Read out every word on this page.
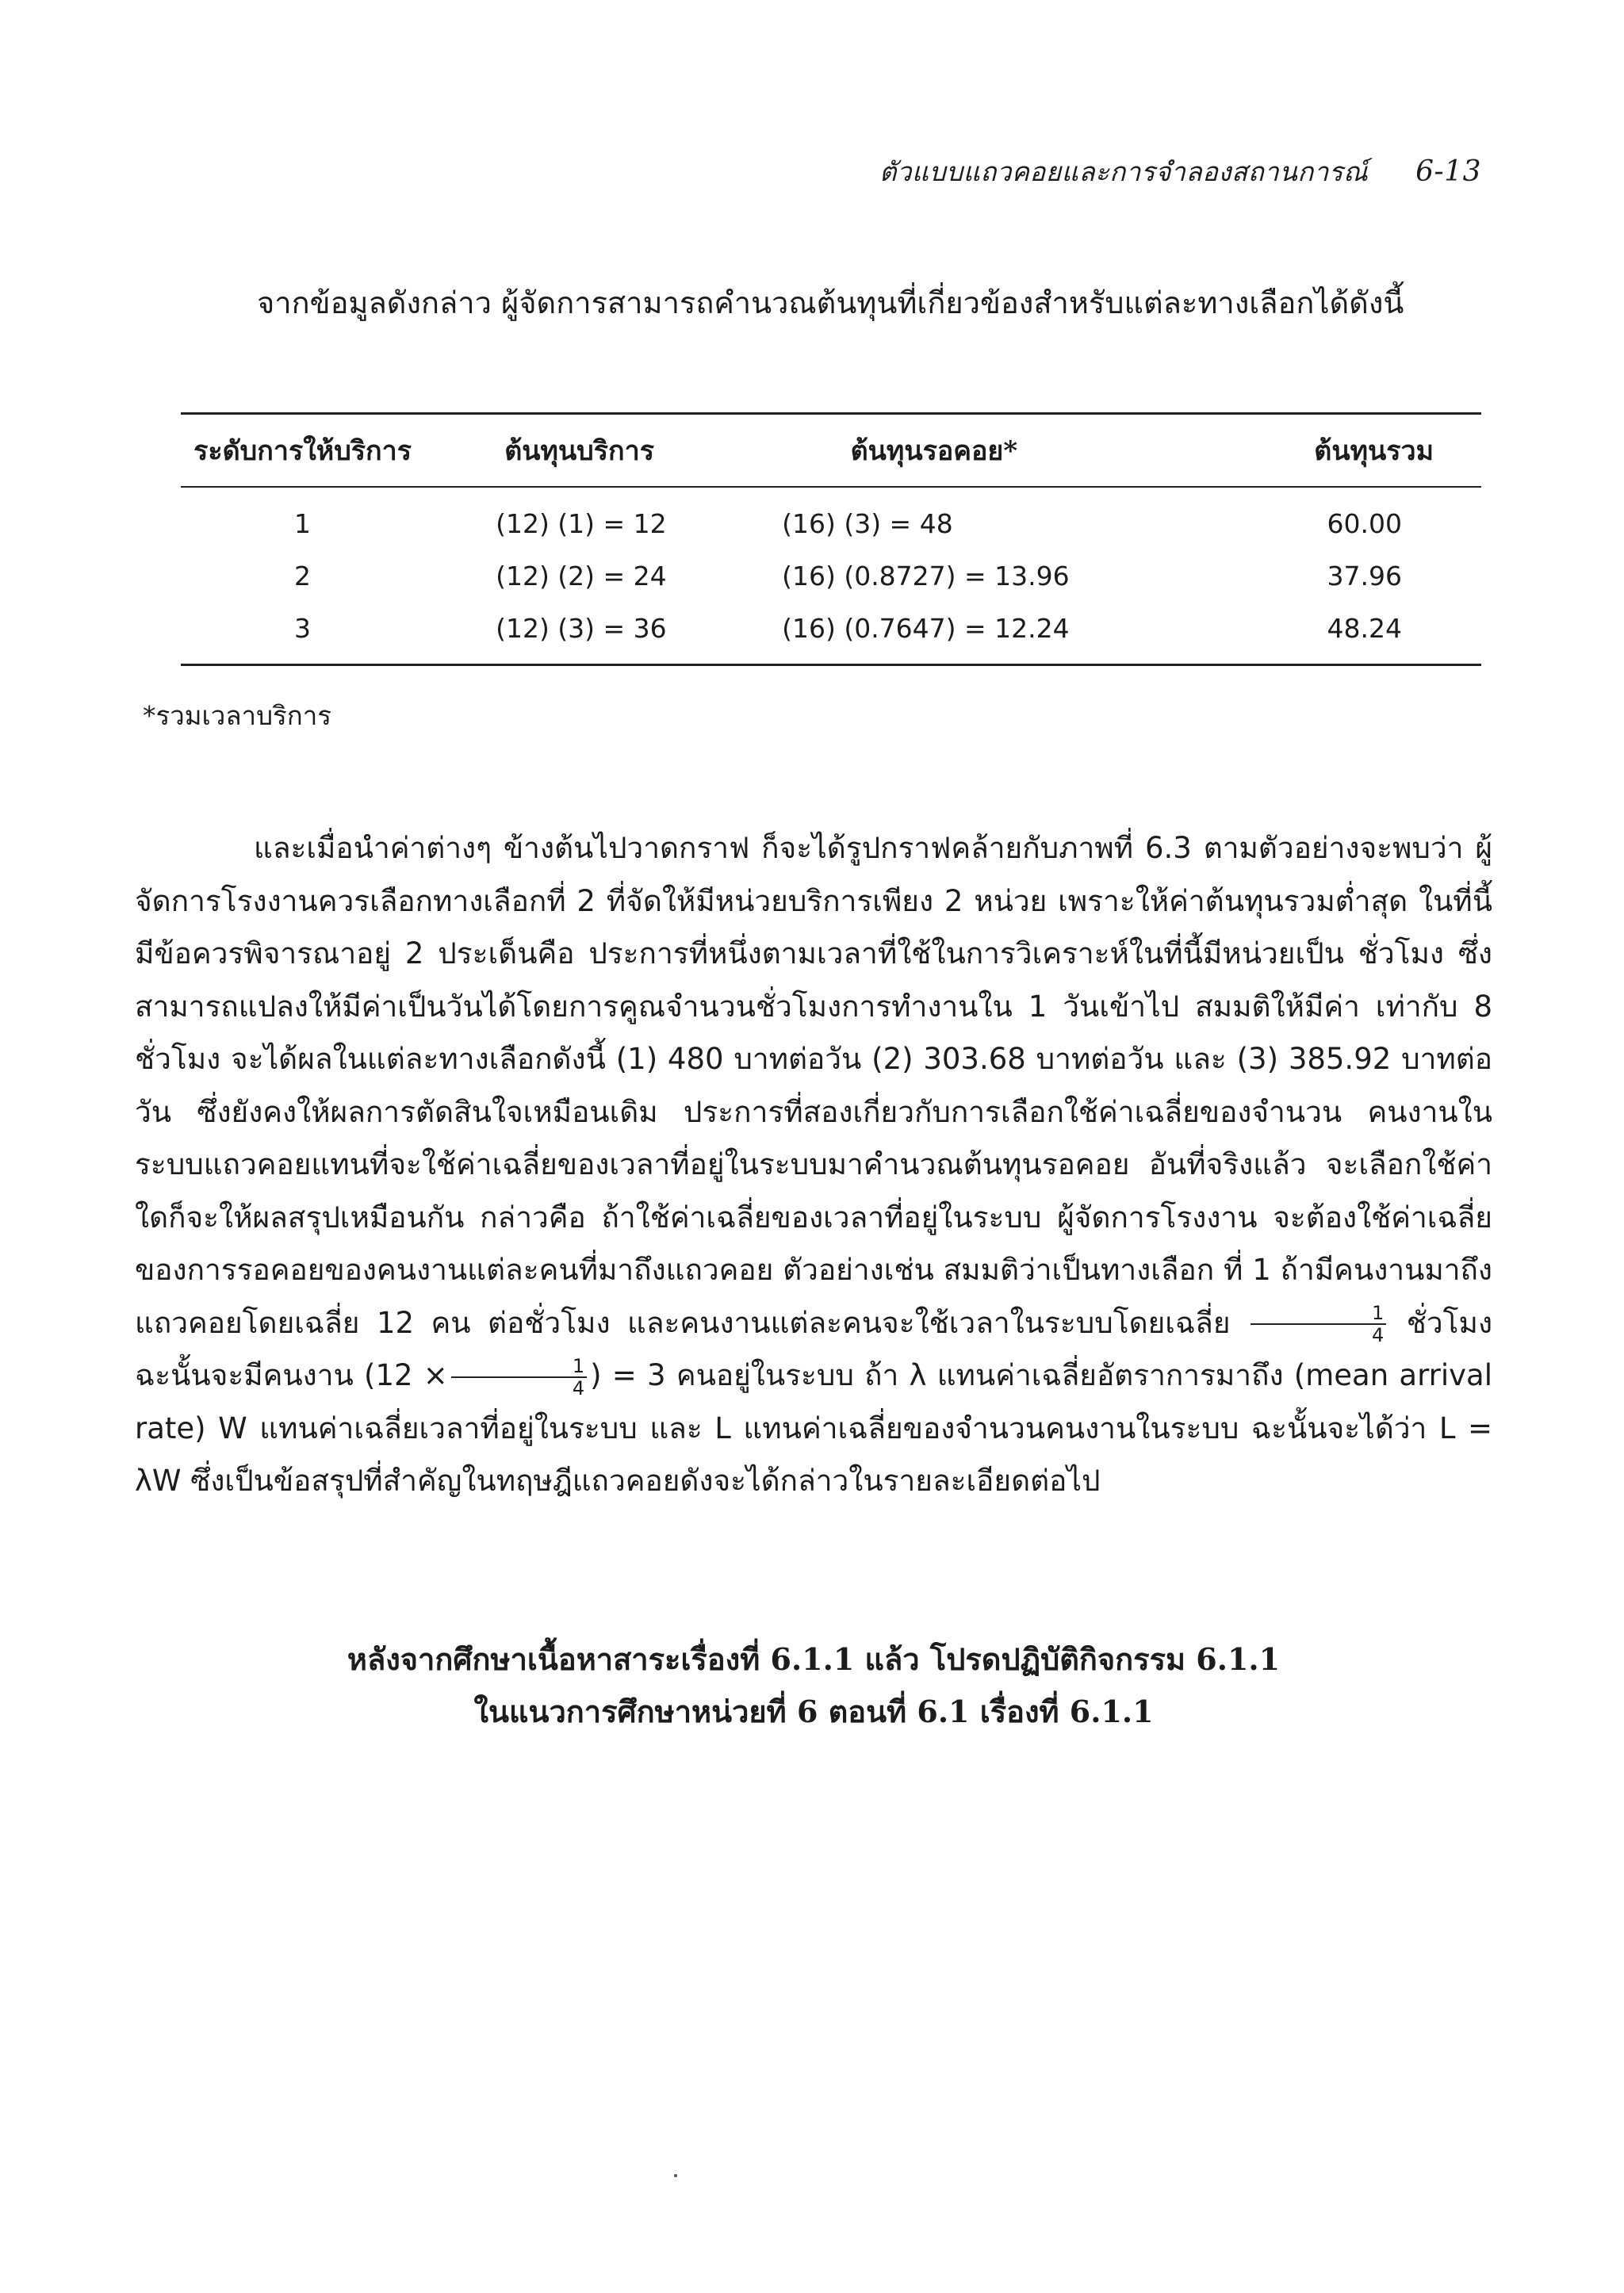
ตัวแบบแถวคอยและการจำลองสถานการณ์ 6-13
จากข้อมูลดังกล่าว ผู้จัดการสามารถคำนวณต้นทุนที่เกี่ยวข้องสำหรับแต่ละทางเลือกได้ดังนี้
ระดับการให้บริการ	ต้นทุนบริการ	ต้นทุนรอคอย*	ต้นทุนรวม
1	(12) (1) = 12	(16) (3) = 48	60.00
2	(12) (2) = 24	(16) (0.8727) = 13.96	37.96
3	(12) (3) = 36	(16) (0.7647) = 12.24	48.24
*รวมเวลาบริการ

และเมื่อนำค่าต่างๆ ข้างต้นไปวาดกราฟ ก็จะได้รูปกราฟคล้ายกับภาพที่ 6.3 ตามตัวอย่างจะพบว่า ผู้จัดการโรงงานควรเลือกทางเลือกที่ 2 ที่จัดให้มีหน่วยบริการเพียง 2 หน่วย เพราะให้ค่าต้นทุนรวมต่ำสุด ในที่นี้มีข้อควรพิจารณาอยู่ 2 ประเด็นคือ ประการที่หนึ่งตามเวลาที่ใช้ในการวิเคราะห์ในที่นี้มีหน่วยเป็น ชั่วโมง ซึ่งสามารถแปลงให้มีค่าเป็นวันได้โดยการคูณจำนวนชั่วโมงการทำงานใน 1 วันเข้าไป สมมติให้มีค่า เท่ากับ 8 ชั่วโมง จะได้ผลในแต่ละทางเลือกดังนี้ (1) 480 บาทต่อวัน (2) 303.68 บาทต่อวัน และ (3) 385.92 บาทต่อวัน ซึ่งยังคงให้ผลการตัดสินใจเหมือนเดิม ประการที่สองเกี่ยวกับการเลือกใช้ค่าเฉลี่ยของจำนวน คนงานในระบบแถวคอยแทนที่จะใช้ค่าเฉลี่ยของเวลาที่อยู่ในระบบมาคำนวณต้นทุนรอคอย อันที่จริงแล้ว จะเลือกใช้ค่าใดก็จะให้ผลสรุปเหมือนกัน กล่าวคือ ถ้าใช้ค่าเฉลี่ยของเวลาที่อยู่ในระบบ ผู้จัดการโรงงาน จะต้องใช้ค่าเฉลี่ยของการรอคอยของคนงานแต่ละคนที่มาถึงแถวคอย ตัวอย่างเช่น สมมติว่าเป็นทางเลือก ที่ 1 ถ้ามีคนงานมาถึงแถวคอยโดยเฉลี่ย 12 คน ต่อชั่วโมง และคนงานแต่ละคนจะใช้เวลาในระบบโดยเฉลี่ย $\frac{1}{4}$ ชั่วโมง ฉะนั้นจะมีคนงาน ($12 \times \frac{1}{4}$ ) = 3 คนอยู่ในระบบ ถ้า λ แทนค่าเฉลี่ยอัตราการมาถึง (mean arrival rate) W แทนค่าเฉลี่ยเวลาที่อยู่ในระบบ และ L แทนค่าเฉลี่ยของจำนวนคนงานในระบบ ฉะนั้นจะได้ว่า L = λW ซึ่งเป็นข้อสรุปที่สำคัญในทฤษฎีแถวคอยดังจะได้กล่าวในรายละเอียดต่อไป

หลังจากศึกษาเนื้อหาสาระเรื่องที่ 6.1.1 แล้ว โปรดปฏิบัติกิจกรรม 6.1.1
ในแนวการศึกษาหน่วยที่ 6 ตอนที่ 6.1 เรื่องที่ 6.1.1
